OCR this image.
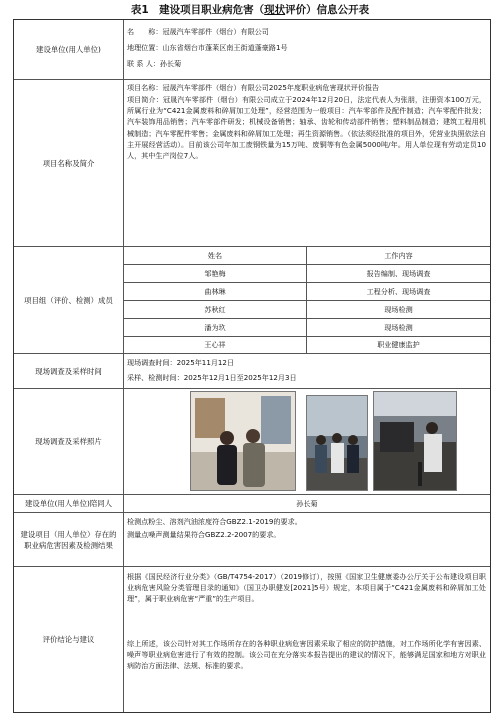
表1　建设项目职业病危害（现状评价）信息公开表
建设单位(用人单位)
名　　称：冠晟汽车零部件（烟台）有限公司
地理位置：山东省烟台市蓬莱区南王街道蓬豪路1号
联 系 人：孙长菊
项目名称及简介
项目名称：冠晟汽车零部件（烟台）有限公司2025年度职业病危害现状评价报告
项目简介：冠晟汽车零部件（烟台）有限公司成立于2024年12月20日，法定代表人为张朋，注册资本100万元，所属行业为“C421金属废料和碎屑加工处理”，经营范围为一般项目：汽车零部件及配件制造；汽车零配件批发；汽车装饰用品销售；汽车零部件研发；机械设备销售；轴承、齿轮和传动部件销售；塑料制品制造；建筑工程用机械制造；汽车零配件零售；金属废料和碎屑加工处理；再生资源销售。（依法须经批准的项目外，凭营业执照依法自主开展经营活动）。目前该公司年加工废钢铁量为15万吨、废铜等有色金属5000吨/年。用人单位现有劳动定员10人，其中生产岗位7人。
项目组（评价、检测）成员
姓名	工作内容
邹艳梅	报告编制、现场调查
曲林琳	工程分析、现场调查
苏秋红	现场检测
潘为玖	现场检测
王心祥	职业健康监护
现场调查及采样时间
现场调查时间：2025年11月12日
采样、检测时间：2025年12月1日至2025年12月3日
现场调查及采样照片
建设单位(用人单位)陪同人	孙长菊
建设项目（用人单位）存在的职业病危害因素及检测结果
检测点粉尘、溶剂汽油浓度符合GBZ2.1-2019的要求。
测量点噪声测量结果符合GBZ2.2-2007的要求。
评价结论与建议
根据《国民经济行业分类》（GB/T4754-2017）（2019修订），按照《国家卫生健康委办公厅关于公布建设项目职业病危害风险分类管理目录的通知》（国卫办职健发[2021]5号）规定，本项目属于“C421金属废料和碎屑加工处理”，属于职业病危害“严重”的生产项目。
综上所述，该公司针对其工作场所存在的各种职业病危害因素采取了相应的防护措施，对工作场所化学有害因素、噪声等职业病危害进行了有效的控制。该公司在充分落实本报告提出的建议的情况下，能够满足国家和地方对职业病防治方面法律、法规、标准的要求。
